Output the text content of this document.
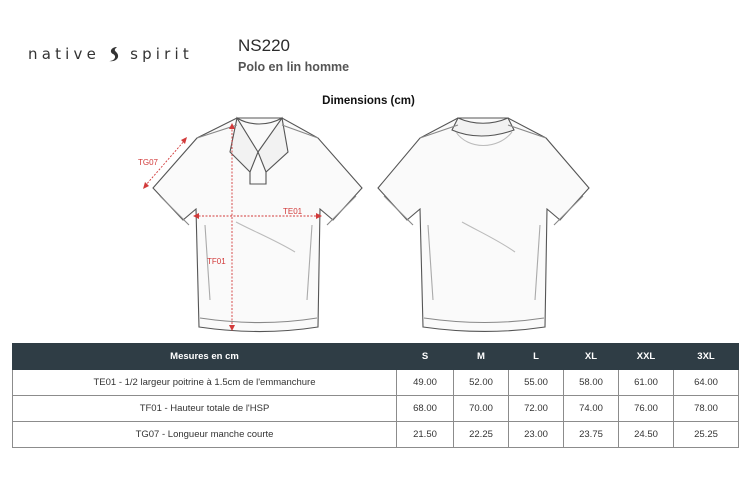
native spirit	NS220
Polo en lin homme
Dimensions (cm)
TE01
TF01
TG07
Mesures en cm	S	M	L	XL	XXL	3XL
TE01 - 1/2 largeur poitrine à 1.5cm de l'emmanchure	49.00	52.00	55.00	58.00	61.00	64.00
TF01 - Hauteur totale de l'HSP	68.00	70.00	72.00	74.00	76.00	78.00
TG07 - Longueur manche courte	21.50	22.25	23.00	23.75	24.50	25.25
